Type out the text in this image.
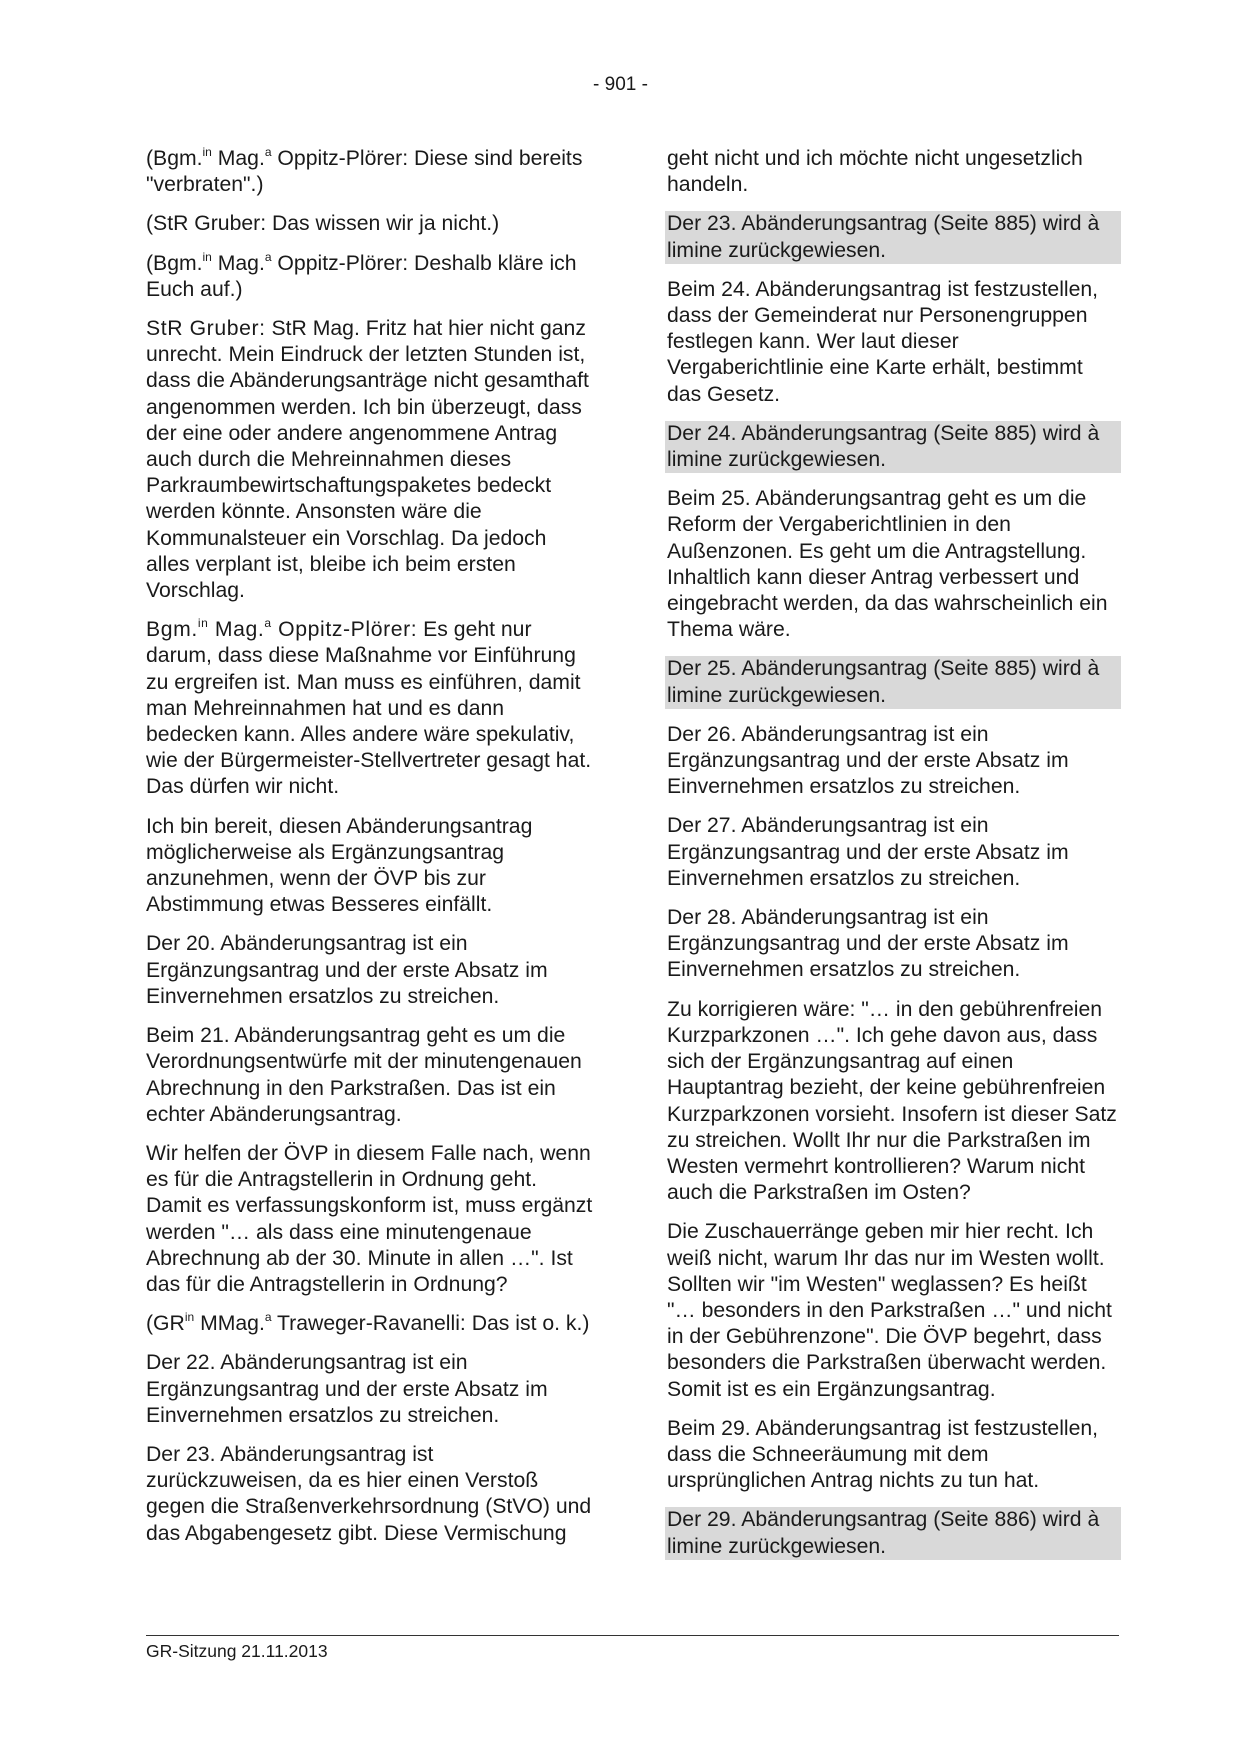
- 901 -

(Bgm.$^{in}$ Mag.$^a$ Oppitz-Plörer: Diese sind bereits "verbraten".)

(StR Gruber: Das wissen wir ja nicht.)

(Bgm.$^{in}$ Mag.$^a$ Oppitz-Plörer: Deshalb kläre ich Euch auf.)

StR Gruber: StR Mag. Fritz hat hier nicht ganz unrecht. Mein Eindruck der letzten Stunden ist, dass die Abänderungsanträge nicht gesamthaft angenommen werden. Ich bin überzeugt, dass der eine oder andere angenommene Antrag auch durch die Mehreinnahmen dieses Parkraumbewirtschaftungspaketes bedeckt werden könnte. Ansonsten wäre die Kommunalsteuer ein Vorschlag. Da jedoch alles verplant ist, bleibe ich beim ersten Vorschlag.

Bgm.$^{in}$ Mag.$^a$ Oppitz-Plörer: Es geht nur darum, dass diese Maßnahme vor Einführung zu ergreifen ist. Man muss es einführen, damit man Mehreinnahmen hat und es dann bedecken kann. Alles andere wäre spekulativ, wie der Bürgermeister-Stellvertreter gesagt hat. Das dürfen wir nicht.

Ich bin bereit, diesen Abänderungsantrag möglicherweise als Ergänzungsantrag anzunehmen, wenn der ÖVP bis zur Abstimmung etwas Besseres einfällt.

Der 20. Abänderungsantrag ist ein Ergänzungsantrag und der erste Absatz im Einvernehmen ersatzlos zu streichen.

Beim 21. Abänderungsantrag geht es um die Verordnungsentwürfe mit der minutengenauen Abrechnung in den Parkstraßen. Das ist ein echter Abänderungsantrag.

Wir helfen der ÖVP in diesem Falle nach, wenn es für die Antragstellerin in Ordnung geht. Damit es verfassungskonform ist, muss ergänzt werden "… als dass eine minutengenaue Abrechnung ab der 30. Minute in allen …". Ist das für die Antragstellerin in Ordnung?

($GR^{in}$ MMag.$^a$ Traweger-Ravanelli: Das ist o. k.)

Der 22. Abänderungsantrag ist ein Ergänzungsantrag und der erste Absatz im Einvernehmen ersatzlos zu streichen.

Der 23. Abänderungsantrag ist zurückzuweisen, da es hier einen Verstoß gegen die Straßenverkehrsordnung (StVO) und das Abgabengesetz gibt. Diese Vermischung

geht nicht und ich möchte nicht ungesetzlich handeln.

Der 23. Abänderungsantrag (Seite 885) wird à limine zurückgewiesen.

Beim 24. Abänderungsantrag ist festzustellen, dass der Gemeinderat nur Personengruppen festlegen kann. Wer laut dieser Vergaberichtlinie eine Karte erhält, bestimmt das Gesetz.

Der 24. Abänderungsantrag (Seite 885) wird à limine zurückgewiesen.

Beim 25. Abänderungsantrag geht es um die Reform der Vergaberichtlinien in den Außenzonen. Es geht um die Antragstellung. Inhaltlich kann dieser Antrag verbessert und eingebracht werden, da das wahrscheinlich ein Thema wäre.

Der 25. Abänderungsantrag (Seite 885) wird à limine zurückgewiesen.

Der 26. Abänderungsantrag ist ein Ergänzungsantrag und der erste Absatz im Einvernehmen ersatzlos zu streichen.

Der 27. Abänderungsantrag ist ein Ergänzungsantrag und der erste Absatz im Einvernehmen ersatzlos zu streichen.

Der 28. Abänderungsantrag ist ein Ergänzungsantrag und der erste Absatz im Einvernehmen ersatzlos zu streichen.

Zu korrigieren wäre: "… in den gebührenfreien Kurzparkzonen …". Ich gehe davon aus, dass sich der Ergänzungsantrag auf einen Hauptantrag bezieht, der keine gebührenfreien Kurzparkzonen vorsieht. Insofern ist dieser Satz zu streichen. Wollt Ihr nur die Parkstraßen im Westen vermehrt kontrollieren? Warum nicht auch die Parkstraßen im Osten?

Die Zuschauerränge geben mir hier recht. Ich weiß nicht, warum Ihr das nur im Westen wollt. Sollten wir "im Westen" weglassen? Es heißt "… besonders in den Parkstraßen …" und nicht in der Gebührenzone". Die ÖVP begehrt, dass besonders die Parkstraßen überwacht werden. Somit ist es ein Ergänzungsantrag.

Beim 29. Abänderungsantrag ist festzustellen, dass die Schneeräumung mit dem ursprünglichen Antrag nichts zu tun hat.

Der 29. Abänderungsantrag (Seite 886) wird à limine zurückgewiesen.

GR-Sitzung 21.11.2013
